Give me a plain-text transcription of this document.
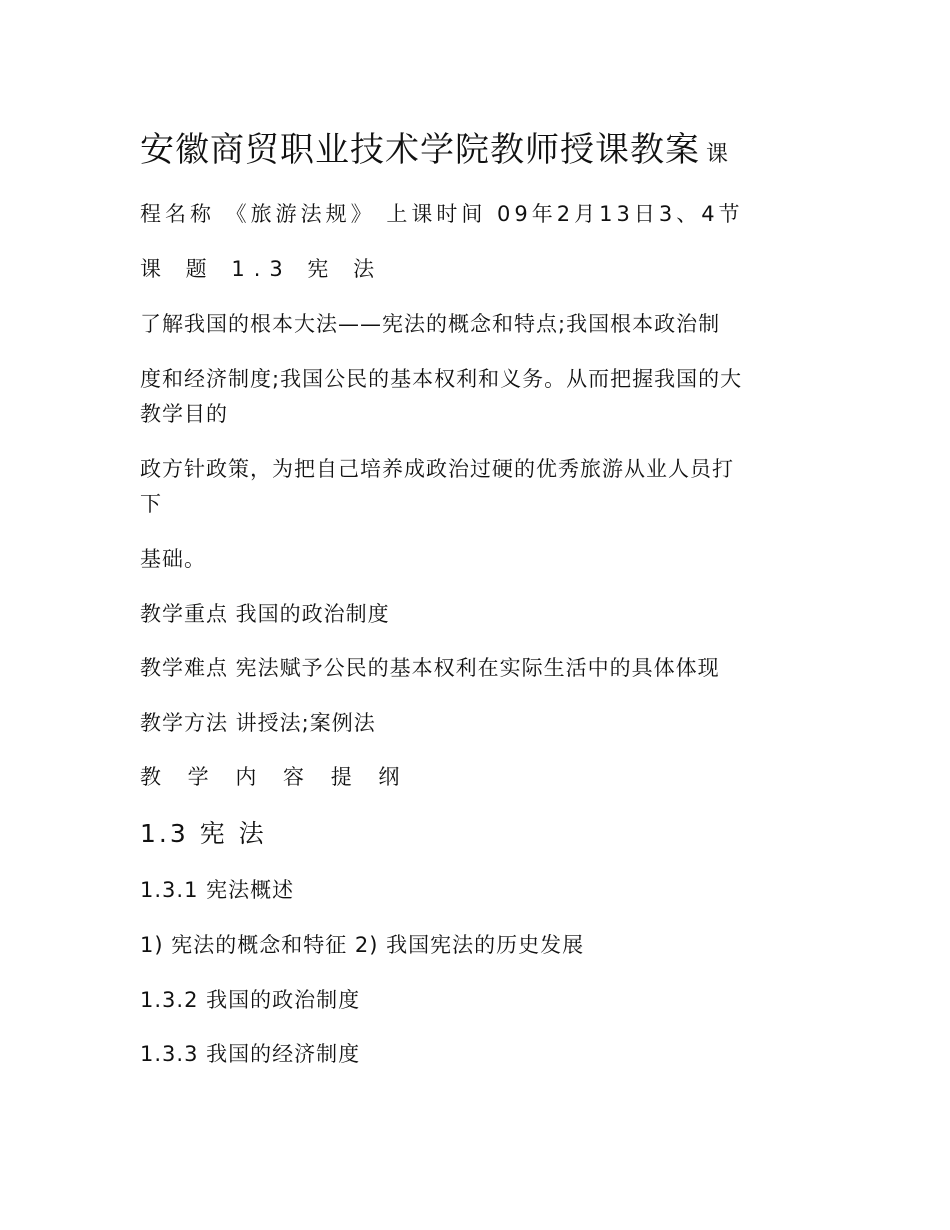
安徽商贸职业技术学院教师授课教案 课
程名称 《旅游法规》 上课时间 09年2月13日3、4节
课 题 1.3 宪 法
了解我国的根本大法——宪法的概念和特点;我国根本政治制
度和经济制度;我国公民的基本权利和义务。从而把握我国的大
教学目的
政方针政策，为把自己培养成政治过硬的优秀旅游从业人员打
下
基础。
教学重点 我国的政治制度
教学难点 宪法赋予公民的基本权利在实际生活中的具体体现
教学方法 讲授法;案例法
教 学 内 容 提 纲
1.3 宪 法
1.3.1 宪法概述
1) 宪法的概念和特征 2) 我国宪法的历史发展
1.3.2 我国的政治制度
1.3.3 我国的经济制度
